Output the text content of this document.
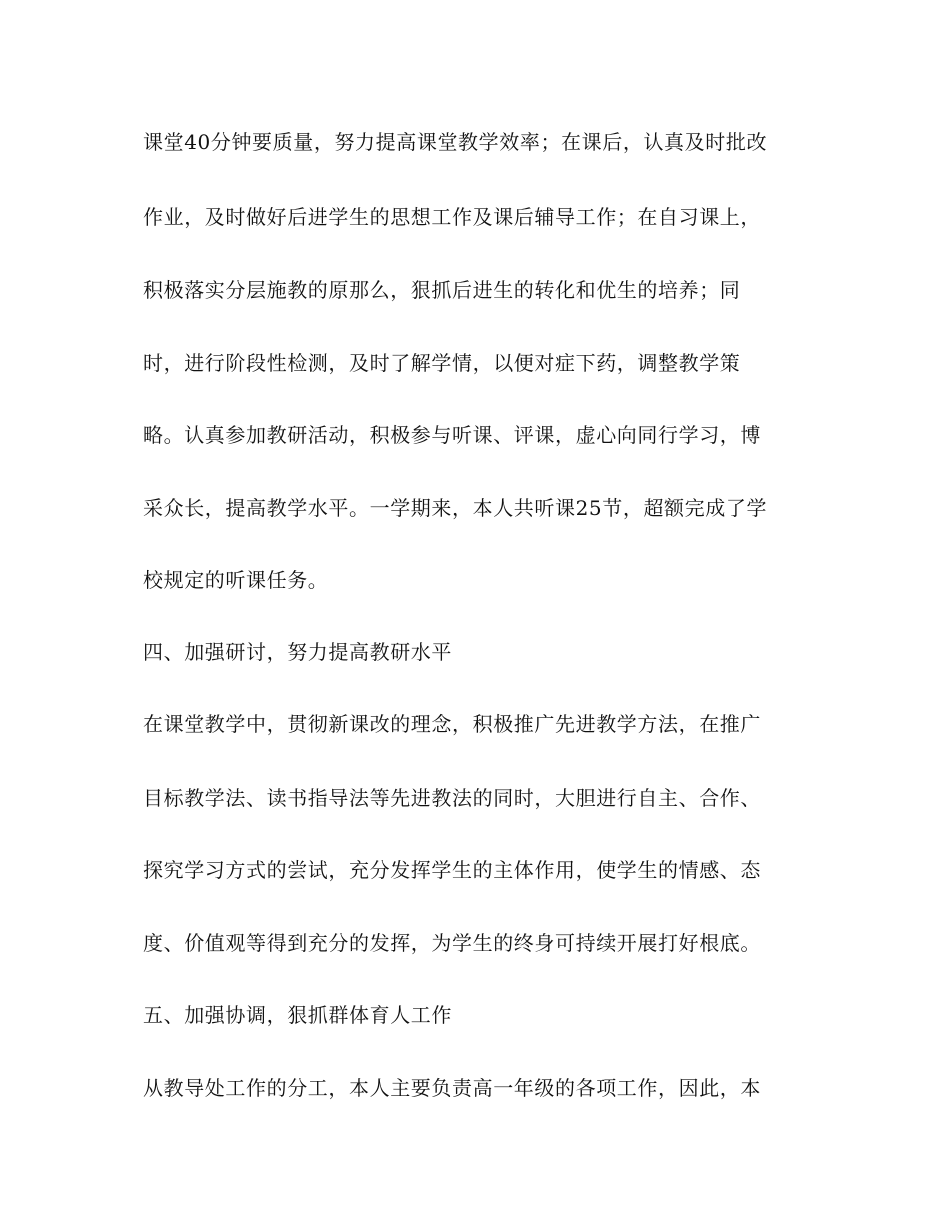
课堂40分钟要质量，努力提高课堂教学效率；在课后，认真及时批改

作业，及时做好后进学生的思想工作及课后辅导工作；在自习课上，

积极落实分层施教的原那么，狠抓后进生的转化和优生的培养；同

时，进行阶段性检测，及时了解学情，以便对症下药，调整教学策

略。认真参加教研活动，积极参与听课、评课，虚心向同行学习，博

采众长，提高教学水平。一学期来，本人共听课25节，超额完成了学

校规定的听课任务。

四、加强研讨，努力提高教研水平

在课堂教学中，贯彻新课改的理念，积极推广先进教学方法，在推广

目标教学法、读书指导法等先进教法的同时，大胆进行自主、合作、

探究学习方式的尝试，充分发挥学生的主体作用，使学生的情感、态

度、价值观等得到充分的发挥，为学生的终身可持续开展打好根底。

五、加强协调，狠抓群体育人工作

从教导处工作的分工，本人主要负责高一年级的各项工作，因此，本
